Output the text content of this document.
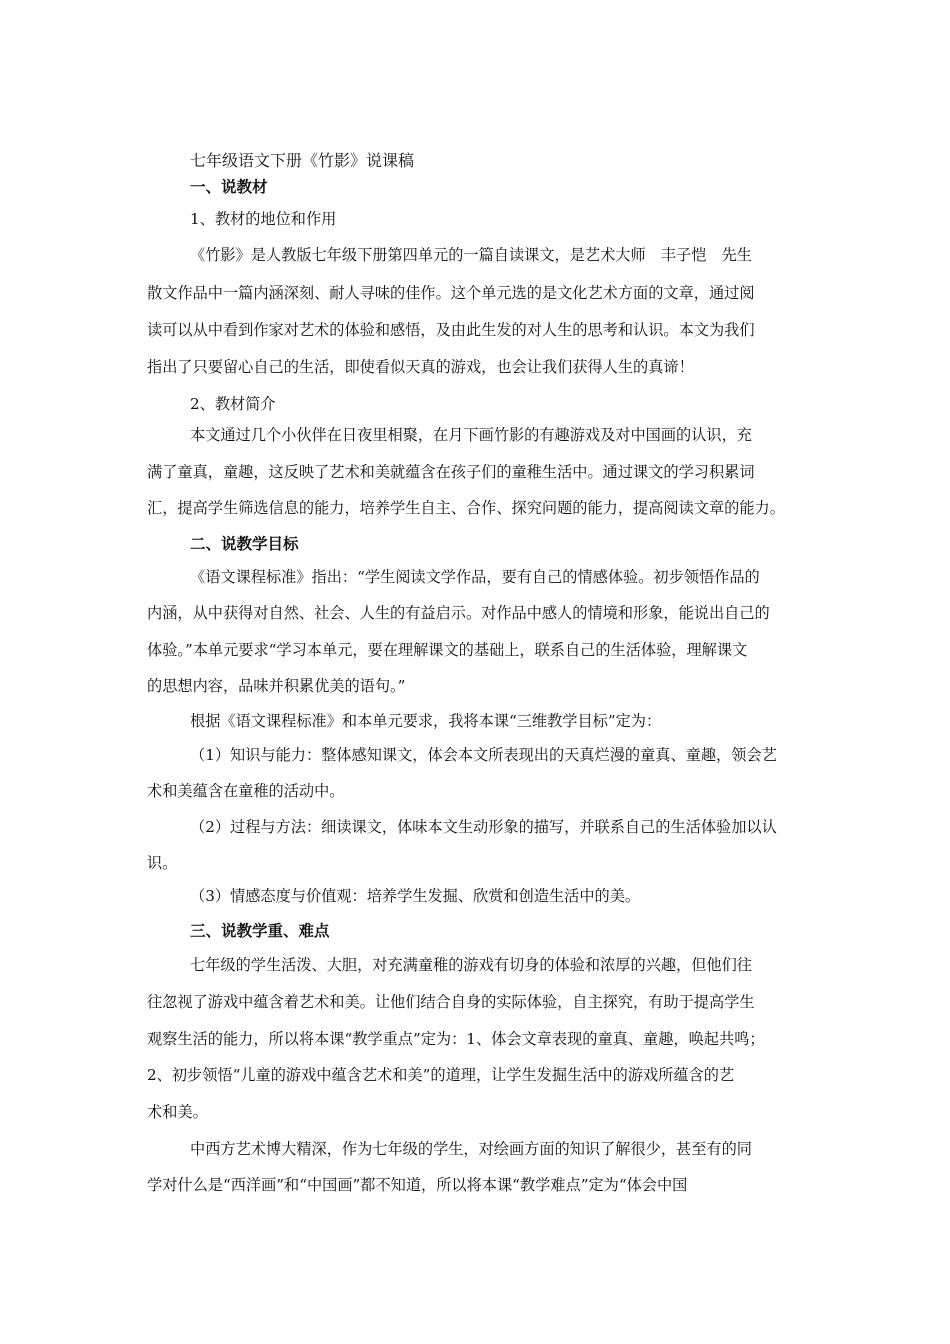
七年级语文下册《竹影》说课稿

一、说教材

1、教材的地位和作用

《竹影》是人教版七年级下册第四单元的一篇自读课文，是艺术大师　丰子恺　先生

散文作品中一篇内涵深刻、耐人寻味的佳作。这个单元选的是文化艺术方面的文章，通过阅

读可以从中看到作家对艺术的体验和感悟，及由此生发的对人生的思考和认识。本文为我们

指出了只要留心自己的生活，即使看似天真的游戏，也会让我们获得人生的真谛！

2、教材简介

本文通过几个小伙伴在日夜里相聚，在月下画竹影的有趣游戏及对中国画的认识，充

满了童真，童趣，这反映了艺术和美就蕴含在孩子们的童稚生活中。通过课文的学习积累词

汇，提高学生筛选信息的能力，培养学生自主、合作、探究问题的能力，提高阅读文章的能力。

二、说教学目标

《语文课程标准》指出：“学生阅读文学作品，要有自己的情感体验。初步领悟作品的

内涵，从中获得对自然、社会、人生的有益启示。对作品中感人的情境和形象，能说出自己的

体验。”本单元要求“学习本单元，要在理解课文的基础上，联系自己的生活体验，理解课文

的思想内容，品味并积累优美的语句。”

根据《语文课程标准》和本单元要求，我将本课“三维教学目标”定为：

（1）知识与能力：整体感知课文，体会本文所表现出的天真烂漫的童真、童趣，领会艺

术和美蕴含在童稚的活动中。

（2）过程与方法：细读课文，体味本文生动形象的描写，并联系自己的生活体验加以认

识。

（3）情感态度与价值观：培养学生发掘、欣赏和创造生活中的美。

三、说教学重、难点

七年级的学生活泼、大胆，对充满童稚的游戏有切身的体验和浓厚的兴趣，但他们往

往忽视了游戏中蕴含着艺术和美。让他们结合自身的实际体验，自主探究，有助于提高学生

观察生活的能力，所以将本课“教学重点”定为：1、体会文章表现的童真、童趣，唤起共鸣；

2、初步领悟“儿童的游戏中蕴含艺术和美”的道理，让学生发掘生活中的游戏所蕴含的艺

术和美。

中西方艺术博大精深，作为七年级的学生，对绘画方面的知识了解很少，甚至有的同

学对什么是“西洋画”和“中国画”都不知道，所以将本课“教学难点”定为“体会中国
